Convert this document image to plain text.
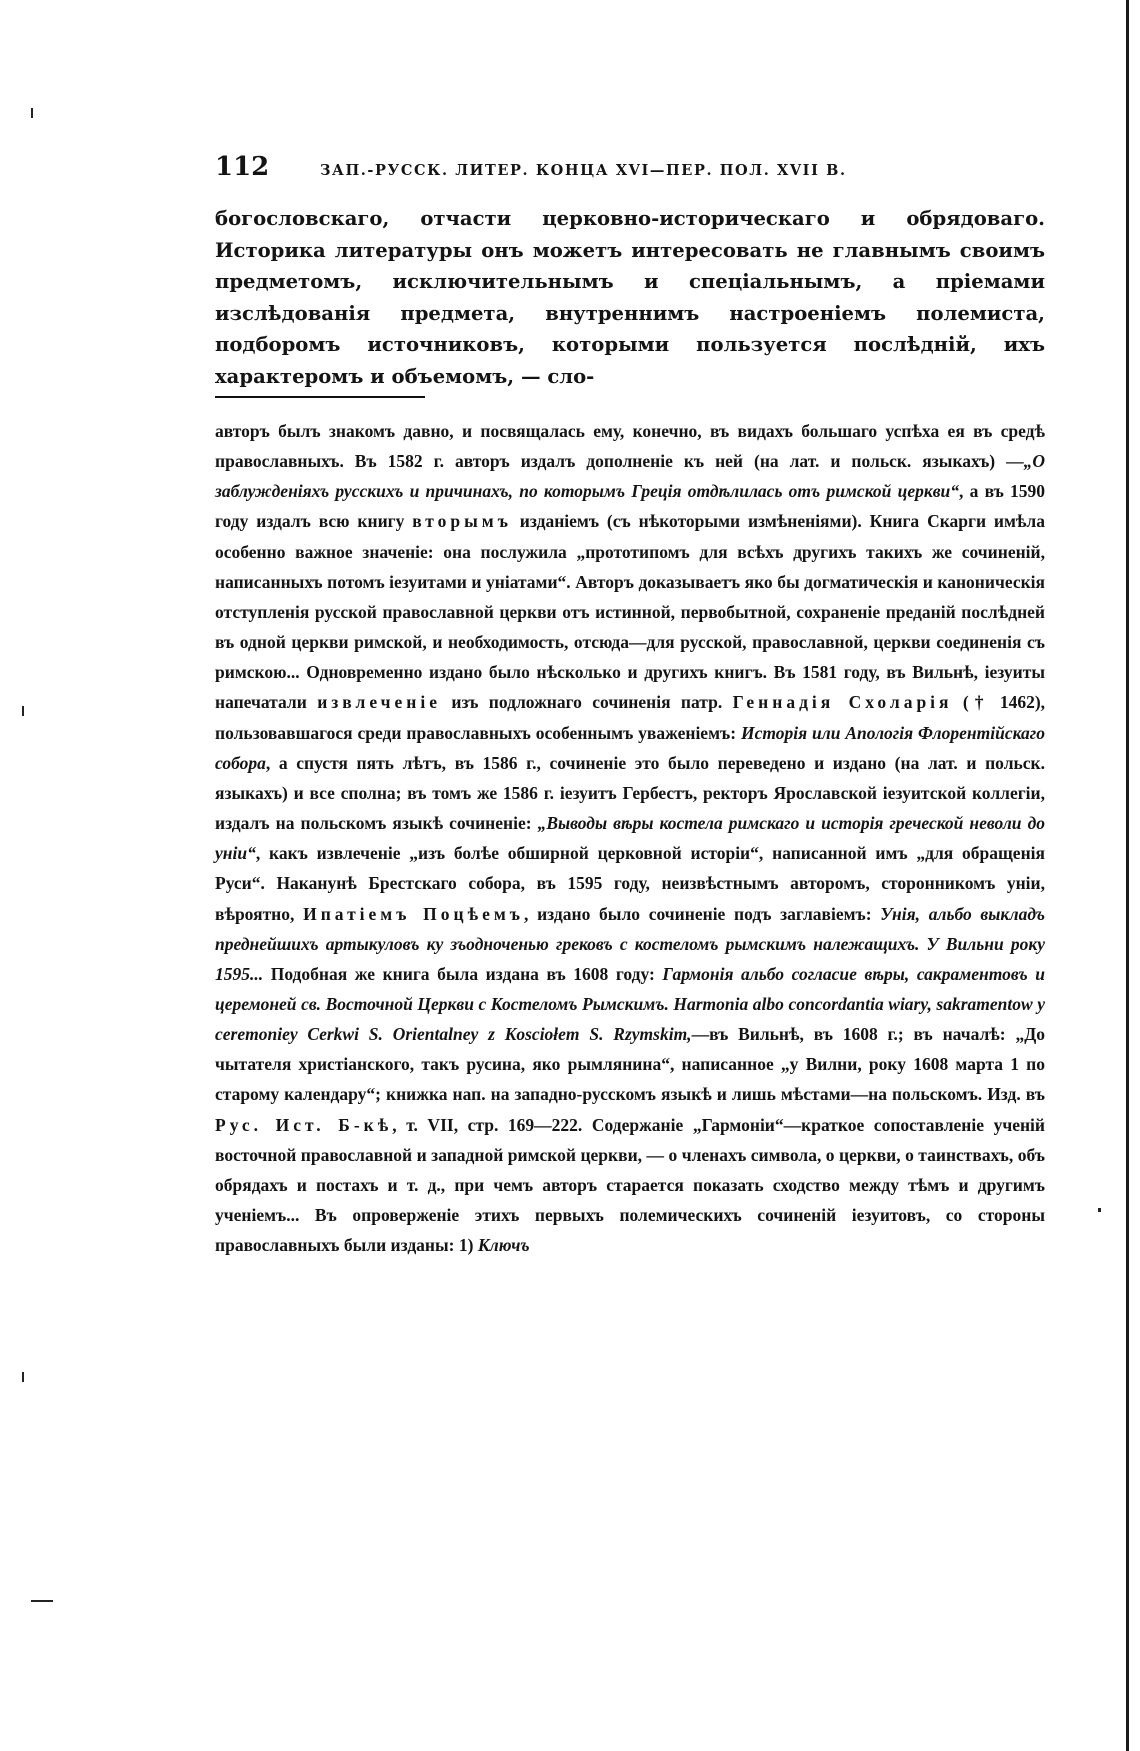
112	ЗАП.-РУССК. ЛИТЕР. КОНЦА XVI—ПЕР. ПОЛ. XVII В.

богословскаго, отчасти церковно-историческаго и обрядоваго. Историка литературы онъ можетъ интересовать не главнымъ своимъ предметомъ, исключительнымъ и спеціальнымъ, а пріемами изслѣдованія предмета, внутреннимъ настроеніемъ полемиста, подборомъ источниковъ, которыми пользуется послѣдній, ихъ характеромъ и объемомъ, — сло-

авторъ былъ знакомъ давно, и посвящалась ему, конечно, въ видахъ большаго успѣха ея въ средѣ православныхъ. Въ 1582 г. авторъ издалъ дополненіе къ ней (на лат. и польск. языкахъ) —„О заблужденіяхъ русскихъ и причинахъ, по которымъ Греція отдѣлилась отъ римской церкви“, а въ 1590 году издалъ всю книгу вторымъ изданіемъ (съ нѣкоторыми измѣненіями). Книга Скарги имѣла особенно важное значеніе: она послужила „прототипомъ для всѣхъ другихъ такихъ же сочиненій, написанныхъ потомъ іезуитами и уніатами“. Авторъ доказываетъ яко бы догматическія и каноническія отступленія русской православной церкви отъ истинной, первобытной, сохраненіе преданій послѣдней въ одной церкви римской, и необходимость, отсюда—для русской, православной, церкви соединенія съ римскою... Одновременно издано было нѣсколько и другихъ книгъ. Въ 1581 году, въ Вильнѣ, іезуиты напечатали извлеченіе изъ подложнаго сочиненія патр. Геннадія Схоларія († 1462), пользовавшагося среди православныхъ особеннымъ уваженіемъ: Исторія или Апологія Флорентійскаго собора, а спустя пять лѣтъ, въ 1586 г., сочиненіе это было переведено и издано (на лат. и польск. языкахъ) и все сполна; въ томъ же 1586 г. іезуитъ Гербестъ, ректоръ Ярославской іезуитской коллегіи, издалъ на польскомъ языкѣ сочиненіе: „Выводы вѣры костела римскаго и исторія греческой неволи до уніи“, какъ извлеченіе „изъ болѣе обширной церковной исторіи“, написанной имъ „для обращенія Руси“. Наканунѣ Брестскаго собора, въ 1595 году, неизвѣстнымъ авторомъ, сторонникомъ уніи, вѣроятно, Ипатіемъ Поцѣемъ, издано было сочиненіе подъ заглавіемъ: Унія, альбо выкладъ преднейшихъ артыкуловъ ку зъодноченью грековъ с костеломъ рымскимъ належащихъ. У Вильни року 1595... Подобная же книга была издана въ 1608 году: Гармонія альбо согласие вѣры, сакраментовъ и церемоней св. Восточной Церкви с Костеломъ Рымскимъ. Harmonia albo concordantia wiary, sakramentow y ceremoniey Cerkwi S. Orientalney z Kosciołem S. Rzymskim,—въ Вильнѣ, въ 1608 г.; въ началѣ: „До чытателя христіанского, такъ русина, яко рымлянина“, написанное „у Вилни, року 1608 марта 1 по старому календару“; книжка нап. на западно-русскомъ языкѣ и лишь мѣстами—на польскомъ. Изд. въ Рус. Ист. Б-кѣ, т. VII, стр. 169—222. Содержаніе „Гармоніи“—краткое сопоставленіе ученій восточной православной и западной римской церкви, — о членахъ символа, о церкви, о таинствахъ, объ обрядахъ и постахъ и т. д., при чемъ авторъ старается показать сходство между тѣмъ и другимъ ученіемъ... Въ опроверженіе этихъ первыхъ полемическихъ сочиненій іезуитовъ, со стороны православныхъ были изданы: 1) Ключъ
